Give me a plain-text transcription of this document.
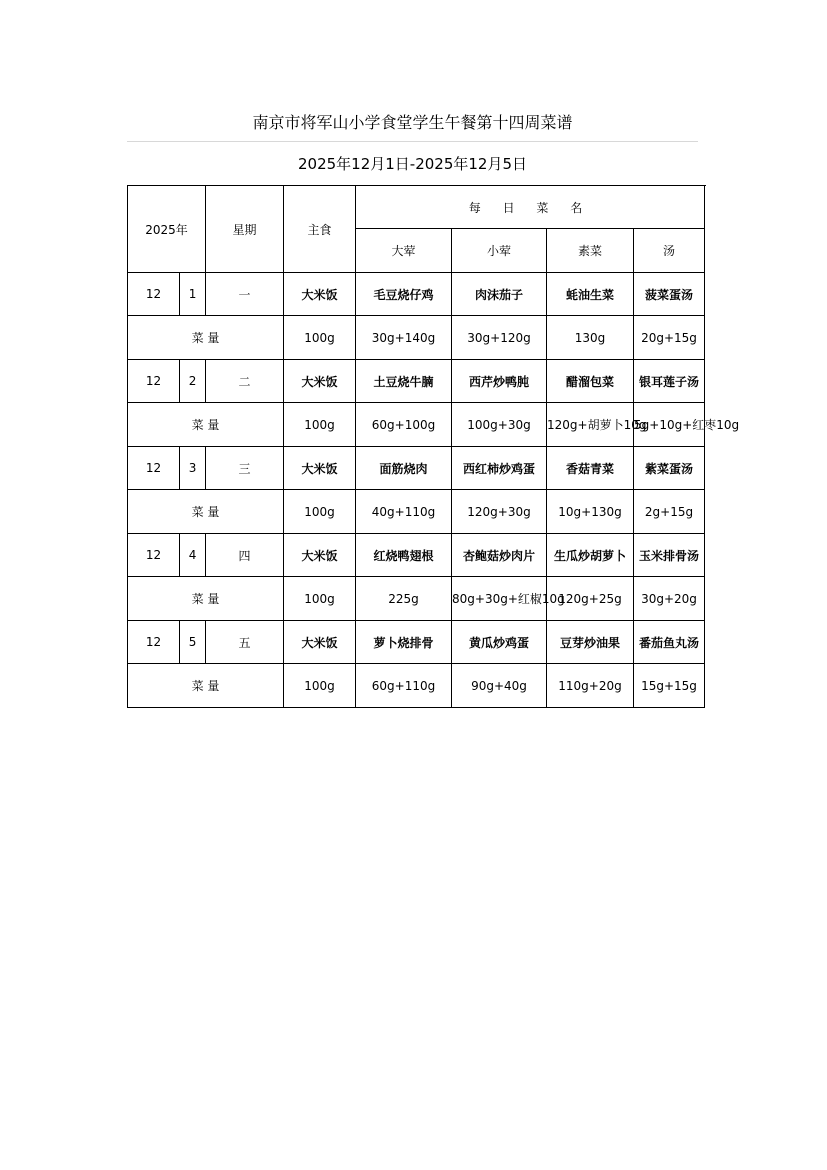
南京市将军山小学食堂学生午餐第十四周菜谱
2025年12月1日-2025年12月5日
2025年		星期	主食	每 日 菜 名				
				大荤	小荤	素菜	汤	
12	1	一	大米饭	毛豆烧仔鸡	肉沫茄子	蚝油生菜	菠菜蛋汤	
菜 量			100g	30g+140g	30g+120g	130g	20g+15g	
12	2	二	大米饭	土豆烧牛腩	西芹炒鸭肫	醋溜包菜	银耳莲子汤	
菜 量			100g	60g+100g	100g+30g	120g+胡萝卜10g	5g+10g+红枣10g	
12	3	三	大米饭	面筋烧肉	西红柿炒鸡蛋	香菇青菜	紫菜蛋汤	
菜 量			100g	40g+110g	120g+30g	10g+130g	2g+15g	
12	4	四	大米饭	红烧鸭翅根	杏鲍菇炒肉片	生瓜炒胡萝卜	玉米排骨汤	
菜 量			100g	225g	80g+30g+红椒10g	120g+25g	30g+20g	
12	5	五	大米饭	萝卜烧排骨	黄瓜炒鸡蛋	豆芽炒油果	番茄鱼丸汤	
菜 量			100g	60g+110g	90g+40g	110g+20g	15g+15g	
